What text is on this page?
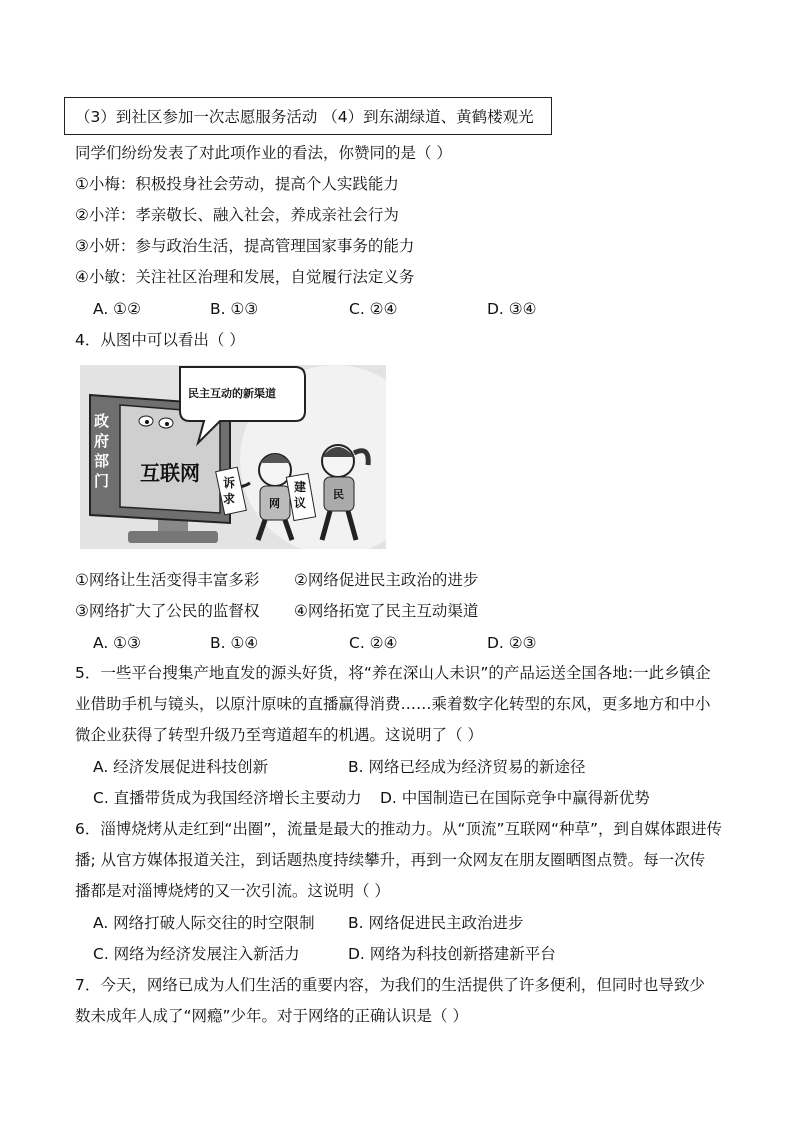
（3）到社区参加一次志愿服务活动 （4）到东湖绿道、黄鹤楼观光
同学们纷纷发表了对此项作业的看法，你赞同的是（ ）
①小梅：积极投身社会劳动，提高个人实践能力
②小洋：孝亲敬长、融入社会，养成亲社会行为
③小妍：参与政治生活，提高管理国家事务的能力
④小敏：关注社区治理和发展，自觉履行法定义务
A. ①②	B. ①③	C. ②④	D. ③④
4．从图中可以看出（ ）
民主互动的新渠道
政府部门 互联网 诉求
建议
网
民
①网络让生活变得丰富多彩 ②网络促进民主政治的进步
③网络扩大了公民的监督权 ④网络拓宽了民主互动渠道
A. ①③	B. ①④	C. ②④	D. ②③
5．一些平台搜集产地直发的源头好货，将“养在深山人未识”的产品运送全国各地:一此乡镇企
业借助手机与镜头，以原汁原味的直播赢得消费……乘着数字化转型的东风，更多地方和中小
微企业获得了转型升级乃至弯道超车的机遇。这说明了（ ）
A. 经济发展促进科技创新	B. 网络已经成为经济贸易的新途径
C. 直播带货成为我国经济增长主要动力 D. 中国制造已在国际竞争中赢得新优势
6．淄博烧烤从走红到“出圈”，流量是最大的推动力。从“顶流”互联网“种草”，到自媒体跟进传
播; 从官方媒体报道关注，到话题热度持续攀升，再到一众网友在朋友圈晒图点赞。每一次传
播都是对淄博烧烤的又一次引流。这说明（ ）
A. 网络打破人际交往的时空限制 B. 网络促进民主政治进步
C. 网络为经济发展注入新活力	D. 网络为科技创新搭建新平台
7．今天，网络已成为人们生活的重要内容，为我们的生活提供了许多便利，但同时也导致少
数未成年人成了“网瘾”少年。对于网络的正确认识是（ ）
